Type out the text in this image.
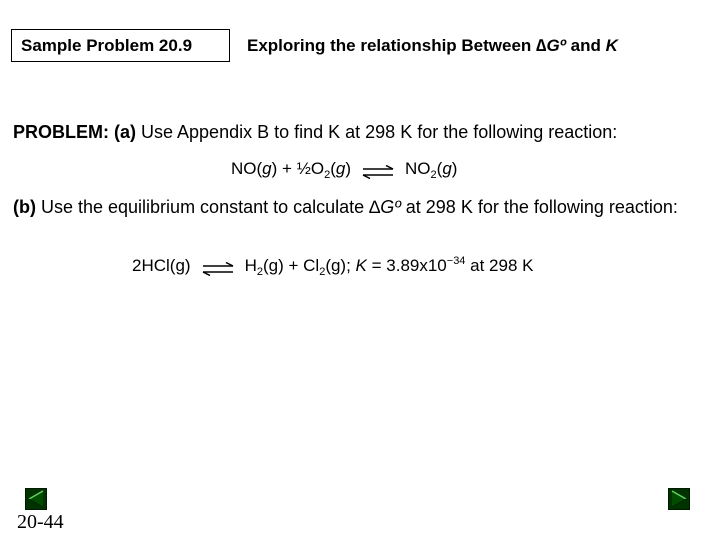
Sample Problem 20.9	Exploring the relationship Between ∆Gº and K
PROBLEM: (a) Use Appendix B to find K at 298 K for the following reaction:
$NO(g) + \frac{1}{2}O_2(g)$ ⇌ $NO_2(g)$
(b) Use the equilibrium constant to calculate ∆Gº at 298 K for the following reaction:
2HCl(g) ⇌ $H_2(g) + Cl_2(g)$; $K = 3.89x10^{-34}$ at 298 K
20-44
